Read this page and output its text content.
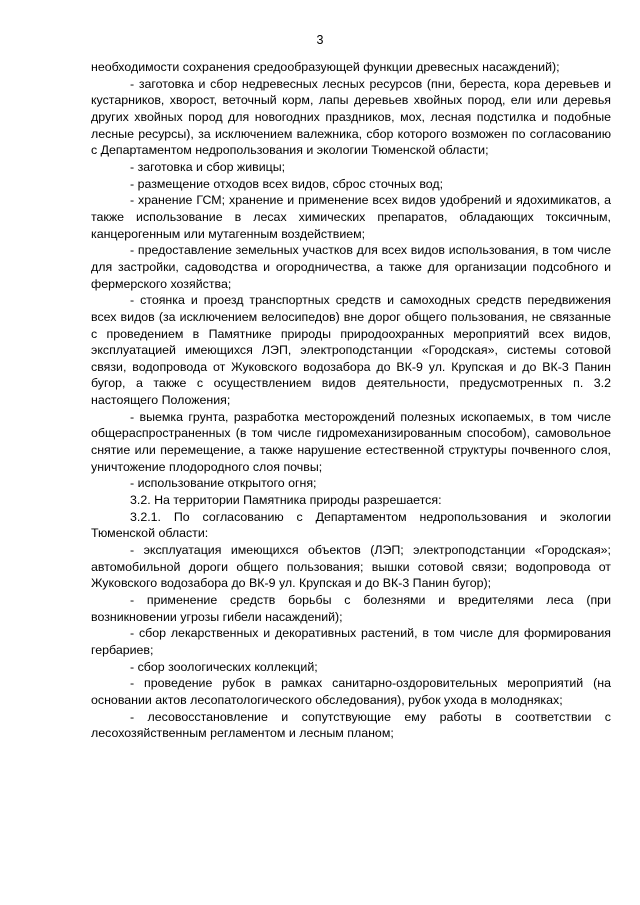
3

необходимости сохранения средообразующей функции древесных насаждений);

- заготовка и сбор недревесных лесных ресурсов (пни, береста, кора деревьев и кустарников, хворост, веточный корм, лапы деревьев хвойных пород, ели или деревья других хвойных пород для новогодних праздников, мох, лесная подстилка и подобные лесные ресурсы), за исключением валежника, сбор которого возможен по согласованию с Департаментом недропользования и экологии Тюменской области;

- заготовка и сбор живицы;

- размещение отходов всех видов, сброс сточных вод;

- хранение ГСМ; хранение и применение всех видов удобрений и ядохимикатов, а также использование в лесах химических препаратов, обладающих токсичным, канцерогенным или мутагенным воздействием;

- предоставление земельных участков для всех видов использования, в том числе для застройки, садоводства и огородничества, а также для организации подсобного и фермерского хозяйства;

- стоянка и проезд транспортных средств и самоходных средств передвижения всех видов (за исключением велосипедов) вне дорог общего пользования, не связанные с проведением в Памятнике природы природоохранных мероприятий всех видов, эксплуатацией имеющихся ЛЭП, электроподстанции «Городская», системы сотовой связи, водопровода от Жуковского водозабора до ВК-9 ул. Крупская и до ВК-3 Панин бугор, а также с осуществлением видов деятельности, предусмотренных п. 3.2 настоящего Положения;

- выемка грунта, разработка месторождений полезных ископаемых, в том числе общераспространенных (в том числе гидромеханизированным способом), самовольное снятие или перемещение, а также нарушение естественной структуры почвенного слоя, уничтожение плодородного слоя почвы;

- использование открытого огня;

3.2. На территории Памятника природы разрешается:

3.2.1. По согласованию с Департаментом недропользования и экологии Тюменской области:

- эксплуатация имеющихся объектов (ЛЭП; электроподстанции «Городская»; автомобильной дороги общего пользования; вышки сотовой связи; водопровода от Жуковского водозабора до ВК-9 ул. Крупская и до ВК-3 Панин бугор);

- применение средств борьбы с болезнями и вредителями леса (при возникновении угрозы гибели насаждений);

- сбор лекарственных и декоративных растений, в том числе для формирования гербариев;

- сбор зоологических коллекций;

- проведение рубок в рамках санитарно-оздоровительных мероприятий (на основании актов лесопатологического обследования), рубок ухода в молодняках;

- лесовосстановление и сопутствующие ему работы в соответствии с лесохозяйственным регламентом и лесным планом;
